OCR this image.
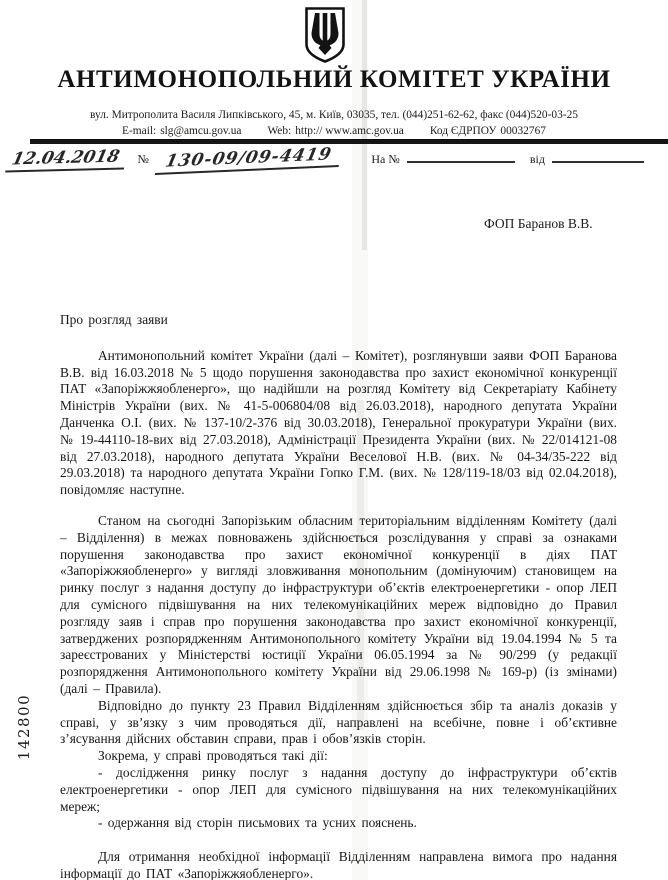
АНТИМОНОПОЛЬНИЙ КОМІТЕТ УКРАЇНИ
вул. Митрополита Василя Липківського, 45, м. Київ, 03035, тел. (044)251-62-62, факс (044)520-03-25
E-mail: slg@amcu.gov.ua Web: http:// www.amc.gov.ua Код ЄДРПОУ 00032767
12.04.2018 № 130-09/09-4419	На №	від
ФОП Баранов В.В.
Про розгляд заяви

Антимонопольний комітет України (далі – Комітет), розглянувши заяви ФОП Баранова В.В. від 16.03.2018 № 5 щодо порушення законодавства про захист економічної конкуренції ПАТ «Запоріжжяобленерго», що надійшли на розгляд Комітету від Секретаріату Кабінету Міністрів України (вих. № 41-5-006804/08 від 26.03.2018), народного депутата України Данченка О.І. (вих. № 137-10/2-376 від 30.03.2018), Генеральної прокуратури України (вих. № 19-44110-18-вих від 27.03.2018), Адміністрації Президента України (вих. № 22/014121-08 від 27.03.2018), народного депутата України Веселової Н.В. (вих. № 04-34/35-222 від 29.03.2018) та народного депутата України Гопко Г.М. (вих. № 128/119-18/03 від 02.04.2018), повідомляє наступне.

Станом на сьогодні Запорізьким обласним територіальним відділенням Комітету (далі – Відділення) в межах повноважень здійснюється розслідування у справі за ознаками порушення законодавства про захист економічної конкуренції в діях ПАТ «Запоріжжяобленерго» у вигляді зловживання монопольним (домінуючим) становищем на ринку послуг з надання доступу до інфраструктури об’єктів електроенергетики - опор ЛЕП для сумісного підвішування на них телекомунікаційних мереж відповідно до Правил розгляду заяв і справ про порушення законодавства про захист економічної конкуренції, затверджених розпорядженням Антимонопольного комітету України від 19.04.1994 № 5 та зареєстрованих у Міністерстві юстиції України 06.05.1994 за № 90/299 (у редакції розпорядження Антимонопольного комітету України від 29.06.1998 № 169-р) (із змінами) (далі – Правила).

Відповідно до пункту 23 Правил Відділенням здійснюється збір та аналіз доказів у справі, у зв’язку з чим проводяться дії, направлені на всебічне, повне і об’єктивне з’ясування дійсних обставин справи, прав і обов’язків сторін.

Зокрема, у справі проводяться такі дії:

- дослідження ринку послуг з надання доступу до інфраструктури об’єктів електроенергетики - опор ЛЕП для сумісного підвішування на них телекомунікаційних мереж;

- одержання від сторін письмових та усних пояснень.

Для отримання необхідної інформації Відділенням направлена вимога про надання інформації до ПАТ «Запоріжжяобленерго».

142800
